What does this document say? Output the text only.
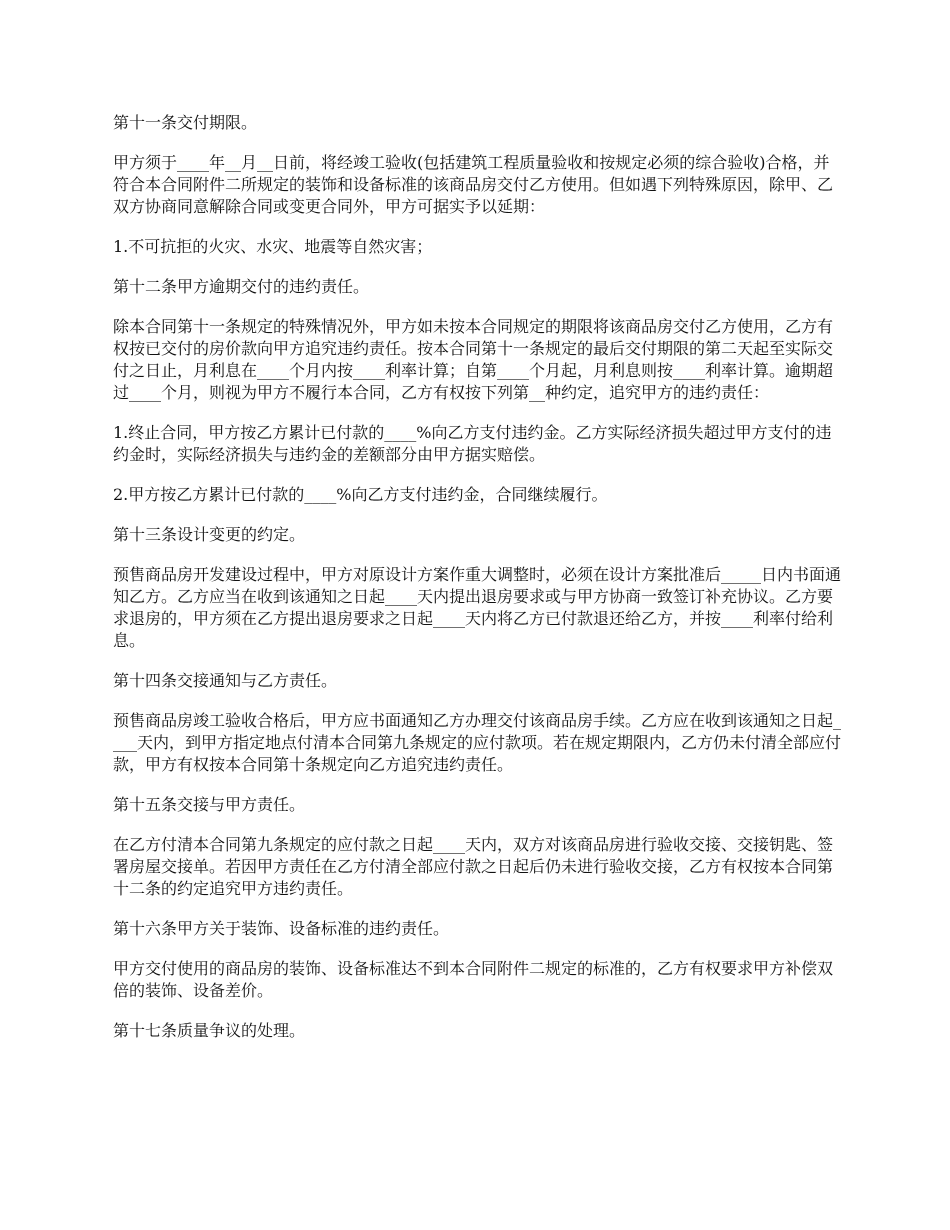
第十一条交付期限。

甲方须于____年__月__日前，将经竣工验收(包括建筑工程质量验收和按规定必须的综合验收)合格，并符合本合同附件二所规定的装饰和设备标准的该商品房交付乙方使用。但如遇下列特殊原因，除甲、乙双方协商同意解除合同或变更合同外，甲方可据实予以延期：

1.不可抗拒的火灾、水灾、地震等自然灾害；

第十二条甲方逾期交付的违约责任。

除本合同第十一条规定的特殊情况外，甲方如未按本合同规定的期限将该商品房交付乙方使用，乙方有权按已交付的房价款向甲方追究违约责任。按本合同第十一条规定的最后交付期限的第二天起至实际交付之日止，月利息在____个月内按____利率计算；自第____个月起，月利息则按____利率计算。逾期超过____个月，则视为甲方不履行本合同，乙方有权按下列第__种约定，追究甲方的违约责任：

1.终止合同，甲方按乙方累计已付款的____%向乙方支付违约金。乙方实际经济损失超过甲方支付的违约金时，实际经济损失与违约金的差额部分由甲方据实赔偿。

2.甲方按乙方累计已付款的____%向乙方支付违约金，合同继续履行。

第十三条设计变更的约定。

预售商品房开发建设过程中，甲方对原设计方案作重大调整时，必须在设计方案批准后_____日内书面通知乙方。乙方应当在收到该通知之日起____天内提出退房要求或与甲方协商一致签订补充协议。乙方要求退房的，甲方须在乙方提出退房要求之日起____天内将乙方已付款退还给乙方，并按____利率付给利息。

第十四条交接通知与乙方责任。

预售商品房竣工验收合格后，甲方应书面通知乙方办理交付该商品房手续。乙方应在收到该通知之日起____天内，到甲方指定地点付清本合同第九条规定的应付款项。若在规定期限内，乙方仍未付清全部应付款，甲方有权按本合同第十条规定向乙方追究违约责任。

第十五条交接与甲方责任。

在乙方付清本合同第九条规定的应付款之日起____天内，双方对该商品房进行验收交接、交接钥匙、签署房屋交接单。若因甲方责任在乙方付清全部应付款之日起后仍未进行验收交接，乙方有权按本合同第十二条的约定追究甲方违约责任。

第十六条甲方关于装饰、设备标准的违约责任。

甲方交付使用的商品房的装饰、设备标准达不到本合同附件二规定的标准的，乙方有权要求甲方补偿双倍的装饰、设备差价。

第十七条质量争议的处理。
